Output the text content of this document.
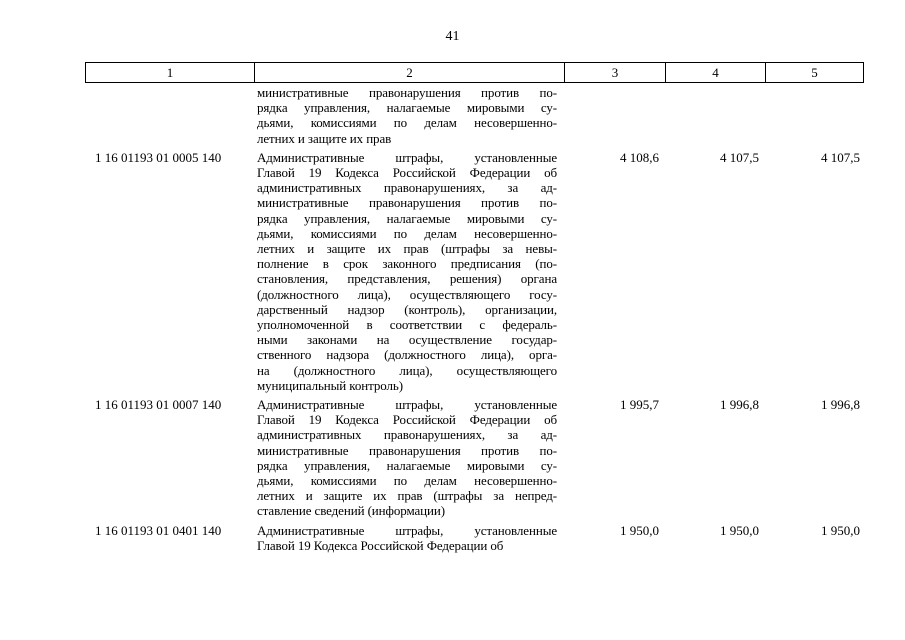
41
1	2	3	4	5
министративные правонарушения против по-
рядка управления, налагаемые мировыми су-
дьями, комиссиями по делам несовершенно-
летних и защите их прав
1 16 01193 01 0005 140	Административные штрафы, установленные
Главой 19 Кодекса Российской Федерации об
административных правонарушениях, за ад-
министративные правонарушения против по-
рядка управления, налагаемые мировыми су-
дьями, комиссиями по делам несовершенно-
летних и защите их прав (штрафы за невы-
полнение в срок законного предписания (по-
становления, представления, решения) органа
(должностного лица), осуществляющего госу-
дарственный надзор (контроль), организации,
уполномоченной в соответствии с федераль-
ными законами на осуществление государ-
ственного надзора (должностного лица), орга-
на (должностного лица), осуществляющего
муниципальный контроль)
4 108,6	4 107,5	4 107,5
1 16 01193 01 0007 140	Административные штрафы, установленные
Главой 19 Кодекса Российской Федерации об
административных правонарушениях, за ад-
министративные правонарушения против по-
рядка управления, налагаемые мировыми су-
дьями, комиссиями по делам несовершенно-
летних и защите их прав (штрафы за непред-
ставление сведений (информации)
1 995,7	1 996,8	1 996,8
1 16 01193 01 0401 140	Административные штрафы, установленные
Главой 19 Кодекса Российской Федерации об
1 950,0	1 950,0	1 950,0
